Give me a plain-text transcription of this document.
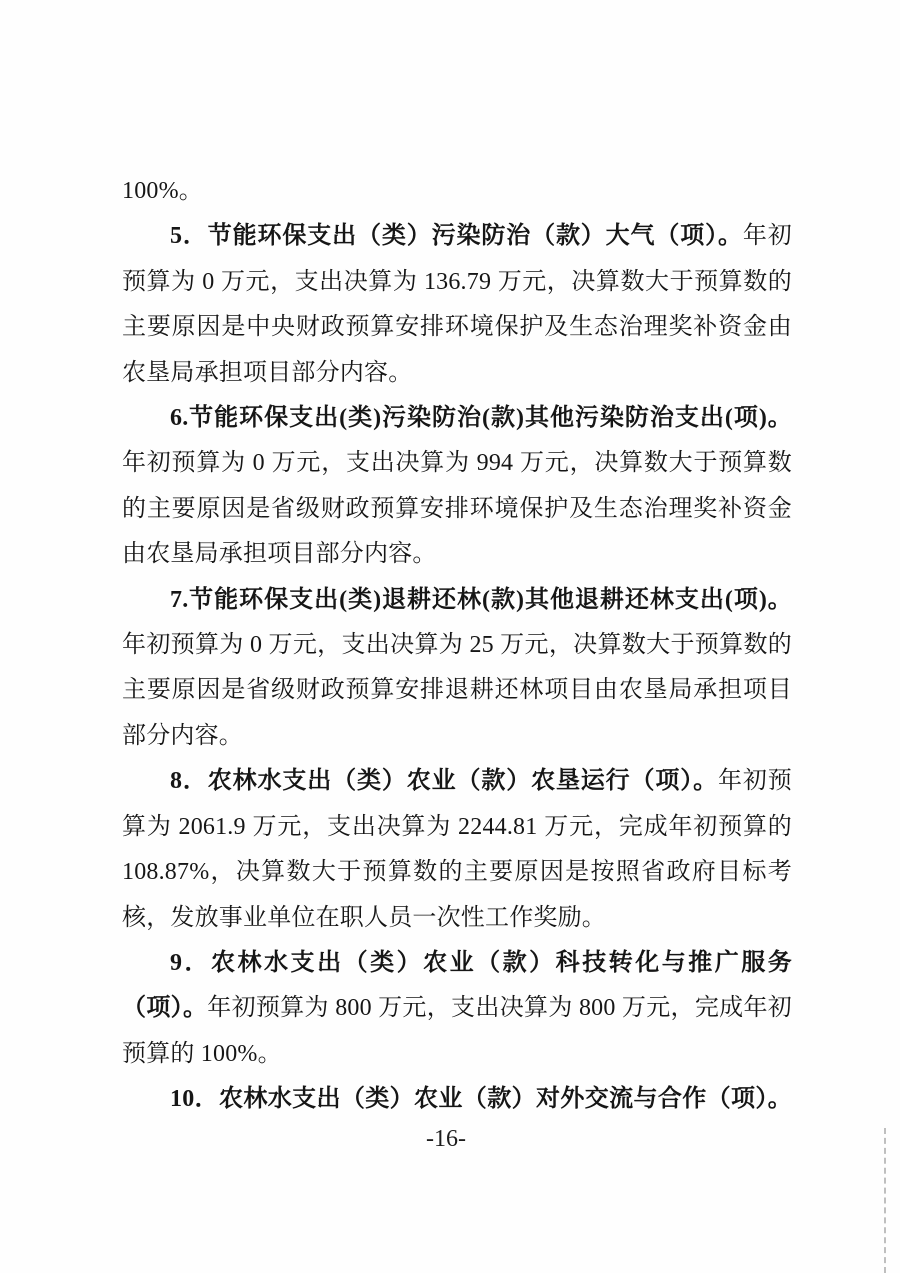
100%。

5．节能环保支出（类）污染防治（款）大气（项）。年初预算为 0 万元，支出决算为 136.79 万元，决算数大于预算数的主要原因是中央财政预算安排环境保护及生态治理奖补资金由农垦局承担项目部分内容。

6.节能环保支出(类)污染防治(款)其他污染防治支出(项)。年初预算为 0 万元，支出决算为 994 万元，决算数大于预算数的主要原因是省级财政预算安排环境保护及生态治理奖补资金由农垦局承担项目部分内容。

7.节能环保支出(类)退耕还林(款)其他退耕还林支出(项)。年初预算为 0 万元，支出决算为 25 万元，决算数大于预算数的主要原因是省级财政预算安排退耕还林项目由农垦局承担项目部分内容。

8．农林水支出（类）农业（款）农垦运行（项）。年初预算为 2061.9 万元，支出决算为 2244.81 万元，完成年初预算的 108.87%，决算数大于预算数的主要原因是按照省政府目标考核，发放事业单位在职人员一次性工作奖励。

9．农林水支出（类）农业（款）科技转化与推广服务（项）。年初预算为 800 万元，支出决算为 800 万元，完成年初预算的 100%。

10．农林水支出（类）农业（款）对外交流与合作（项）。

-16-
